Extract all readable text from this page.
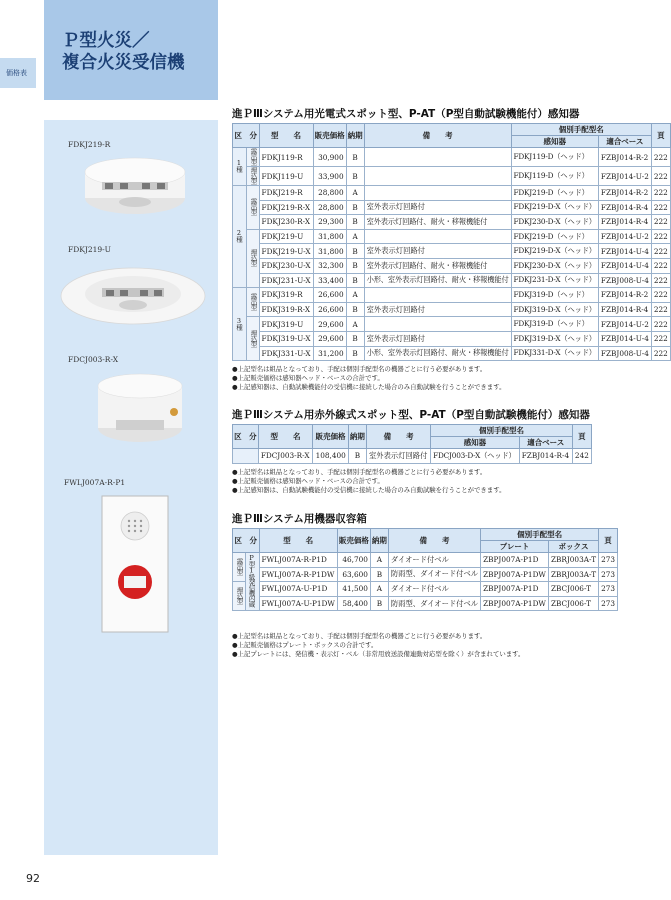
Ｐ型火災／
複合火災受信機
価格表
FDKJ219-R
FDKJ219-U
FDCJ003-R-X
FWLJ007A-R-P1
進ＰⅢシステム用光電式スポット型、P-AT（P型自動試験機能付）感知器
区　分		型　　名	販売価格	納期	備　　考	個別手配型名		頁
						感知器	適合ベース	
1種	露出型	FDKJ119-R	30,900	B		FDKJ119-D（ヘッド）	FZBJ014-R-2	222
	埋込型	FDKJ119-U	33,900	B		FDKJ119-D（ヘッド）	FZBJ014-U-2	222
2種	露出型	FDKJ219-R	28,800	A		FDKJ219-D（ヘッド）	FZBJ014-R-2	222
		FDKJ219-R-X	28,800	B	室外表示灯回路付	FDKJ219-D-X（ヘッド）	FZBJ014-R-4	222
		FDKJ230-R-X	29,300	B	室外表示灯回路付、耐火・移報機能付	FDKJ230-D-X（ヘッド）	FZBJ014-R-4	222
	埋込型	FDKJ219-U	31,800	A		FDKJ219-D（ヘッド）	FZBJ014-U-2	222
		FDKJ219-U-X	31,800	B	室外表示灯回路付	FDKJ219-D-X（ヘッド）	FZBJ014-U-4	222
		FDKJ230-U-X	32,300	B	室外表示灯回路付、耐火・移報機能付	FDKJ230-D-X（ヘッド）	FZBJ014-U-4	222
		FDKJ231-U-X	33,400	B	小形、室外表示灯回路付、耐火・移報機能付	FDKJ231-D-X（ヘッド）	FZBJ008-U-4	222
3種	露出型	FDKJ319-R	26,600	A		FDKJ319-D（ヘッド）	FZBJ014-R-2	222
		FDKJ319-R-X	26,600	B	室外表示灯回路付	FDKJ319-D-X（ヘッド）	FZBJ014-R-4	222
	埋込型	FDKJ319-U	29,600	A		FDKJ319-D（ヘッド）	FZBJ014-U-2	222
		FDKJ319-U-X	29,600	B	室外表示灯回路付	FDKJ319-D-X（ヘッド）	FZBJ014-U-4	222
		FDKJ331-U-X	31,200	B	小形、室外表示灯回路付、耐火・移報機能付	FDKJ331-D-X（ヘッド）	FZBJ008-U-4	222
●上記型名は組品となっており、手配は個別手配型名の機器ごとに行う必要があります。
●上記販売価格は感知器ヘッド・ベースの合計です。
●上記感知器は、自動試験機能付の受信機に接続した場合のみ自動試験を行うことができます。
進ＰⅢシステム用赤外線式スポット型、P-AT（P型自動試験機能付）感知器
区　分	型　　名	販売価格	納期	備　　考	個別手配型名		頁
					感知器	適合ベース	
	FDCJ003-R-X	108,400	B	室外表示灯回路付	FDCJ003-D-X（ヘッド）	FZBJ014-R-4	242
●上記型名は組品となっており、手配は個別手配型名の機器ごとに行う必要があります。
●上記販売価格は感知器ヘッド・ベースの合計です。
●上記感知器は、自動試験機能付の受信機に接続した場合のみ自動試験を行うことができます。
進ＰⅢシステム用機器収容箱
区　分		型　　名	販売価格	納期	備　　考	個別手配型名		頁
						プレート	ボックス	
露出型	P型1級発信機内蔵	FWLJ007A-R-P1D	46,700	A	ダイオード付ベル	ZBPJ007A-P1D	ZBRJ003A-T	273
		FWLJ007A-R-P1DW	63,600	B	防雨型、ダイオード付ベル	ZBPJ007A-P1DW	ZBRJ003A-T	273
埋込型		FWLJ007A-U-P1D	41,500	A	ダイオード付ベル	ZBPJ007A-P1D	ZBCJ006-T	273
		FWLJ007A-U-P1DW	58,400	B	防雨型、ダイオード付ベル	ZBPJ007A-P1DW	ZBCJ006-T	273
●上記型名は組品となっており、手配は個別手配型名の機器ごとに行う必要があります。
●上記販売価格はプレート・ボックスの合計です。
●上記プレートには、発信機・表示灯・ベル（非常用放送設備連動対応型を除く）が含まれています。
92
